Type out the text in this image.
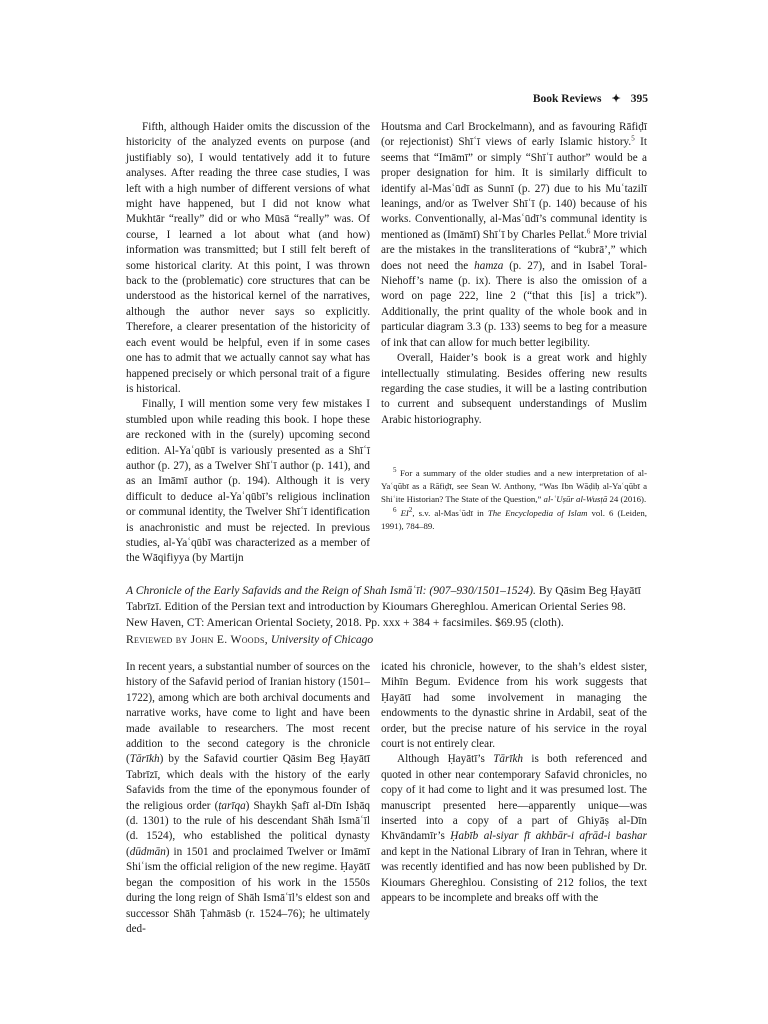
Book Reviews ✦ 395

Fifth, although Haider omits the discussion of the historicity of the analyzed events on purpose (and justifiably so), I would tentatively add it to future analyses. After reading the three case studies, I was left with a high number of different versions of what might have happened, but I did not know what Mukhtār “really” did or who Mūsā “really” was. Of course, I learned a lot about what (and how) information was transmitted; but I still felt bereft of some historical clarity. At this point, I was thrown back to the (problematic) core structures that can be understood as the historical kernel of the narratives, although the author never says so explicitly. Therefore, a clearer presentation of the historicity of each event would be helpful, even if in some cases one has to admit that we actually cannot say what has happened precisely or which personal trait of a figure is historical.

Finally, I will mention some very few mistakes I stumbled upon while reading this book. I hope these are reckoned with in the (surely) upcoming second edition. Al-Yaʿqūbī is variously presented as a Shīʿī author (p. 27), as a Twelver Shīʿī author (p. 141), and as an Imāmī author (p. 194). Although it is very difficult to deduce al-Yaʿqūbī’s religious inclination or communal identity, the Twelver Shīʿī identification is anachronistic and must be rejected. In previous studies, al-Yaʿqūbī was characterized as a member of the Wāqifiyya (by Martijn

Houtsma and Carl Brockelmann), and as favouring Rāfiḍī (or rejectionist) Shīʿī views of early Islamic history.$^5$ It seems that “Imāmī” or simply “Shīʿī author” would be a proper designation for him. It is similarly difficult to identify al-Masʿūdī as Sunnī (p. 27) due to his Muʿtazilī leanings, and/or as Twelver Shīʿī (p. 140) because of his works. Conventionally, al-Masʿūdī’s communal identity is mentioned as (Imāmī) Shīʿī by Charles Pellat.$^6$ More trivial are the mistakes in the transliterations of “kubrā’,” which does not need the hamza (p. 27), and in Isabel Toral-Niehoff’s name (p. ix). There is also the omission of a word on page 222, line 2 (“that this [is] a trick”). Additionally, the print quality of the whole book and in particular diagram 3.3 (p. 133) seems to beg for a measure of ink that can allow for much better legibility.

Overall, Haider’s book is a great work and highly intellectually stimulating. Besides offering new results regarding the case studies, it will be a lasting contribution to current and subsequent understandings of Muslim Arabic historiography.

$^5$ For a summary of the older studies and a new interpretation of al-Yaʿqūbī as a Rāfiḍī, see Sean W. Anthony, “Was Ibn Wāḍiḥ al-Yaʿqūbī a Shiʿite Historian? The State of the Question,” al-ʿUṣūr al-Wusṭā 24 (2016).

$^6$ $EI^2$, s.v. al-Masʿūdī in The Encyclopedia of Islam vol. 6 (Leiden, 1991), 784–89.

A Chronicle of the Early Safavids and the Reign of Shah Ismāʿīl: (907–930/1501–1524). By Qāsim Beg Ḥayātī Tabrīzī. Edition of the Persian text and introduction by Kioumars Ghereghlou. American Oriental Series 98. New Haven, CT: American Oriental Society, 2018. Pp. xxx + 384 + facsimiles. $69.95 (cloth).

Reviewed by John E. Woods, University of Chicago

In recent years, a substantial number of sources on the history of the Safavid period of Iranian history (1501–1722), among which are both archival documents and narrative works, have come to light and have been made available to researchers. The most recent addition to the second category is the chronicle (Tārīkh) by the Safavid courtier Qāsim Beg Ḥayātī Tabrīzī, which deals with the history of the early Safavids from the time of the eponymous founder of the religious order (ṭarīqa) Shaykh Ṣafī al-Dīn Isḥāq (d. 1301) to the rule of his descendant Shāh Ismāʿīl (d. 1524), who established the political dynasty (dūdmān) in 1501 and proclaimed Twelver or Imāmī Shiʿism the official religion of the new regime. Ḥayātī began the composition of his work in the 1550s during the long reign of Shāh Ismāʿīl’s eldest son and successor Shāh Ṭahmāsb (r. 1524–76); he ultimately ded-

icated his chronicle, however, to the shah’s eldest sister, Mihīn Begum. Evidence from his work suggests that Ḥayātī had some involvement in managing the endowments to the dynastic shrine in Ardabil, seat of the order, but the precise nature of his service in the royal court is not entirely clear.

Although Ḥayātī’s Tārīkh is both referenced and quoted in other near contemporary Safavid chronicles, no copy of it had come to light and it was presumed lost. The manuscript presented here—apparently unique—was inserted into a copy of a part of Ghiyāṣ al-Dīn Khvāndamīr’s Ḥabīb al-siyar fī akhbār-i afrād-i bashar and kept in the National Library of Iran in Tehran, where it was recently identified and has now been published by Dr. Kioumars Ghereghlou. Consisting of 212 folios, the text appears to be incomplete and breaks off with the
